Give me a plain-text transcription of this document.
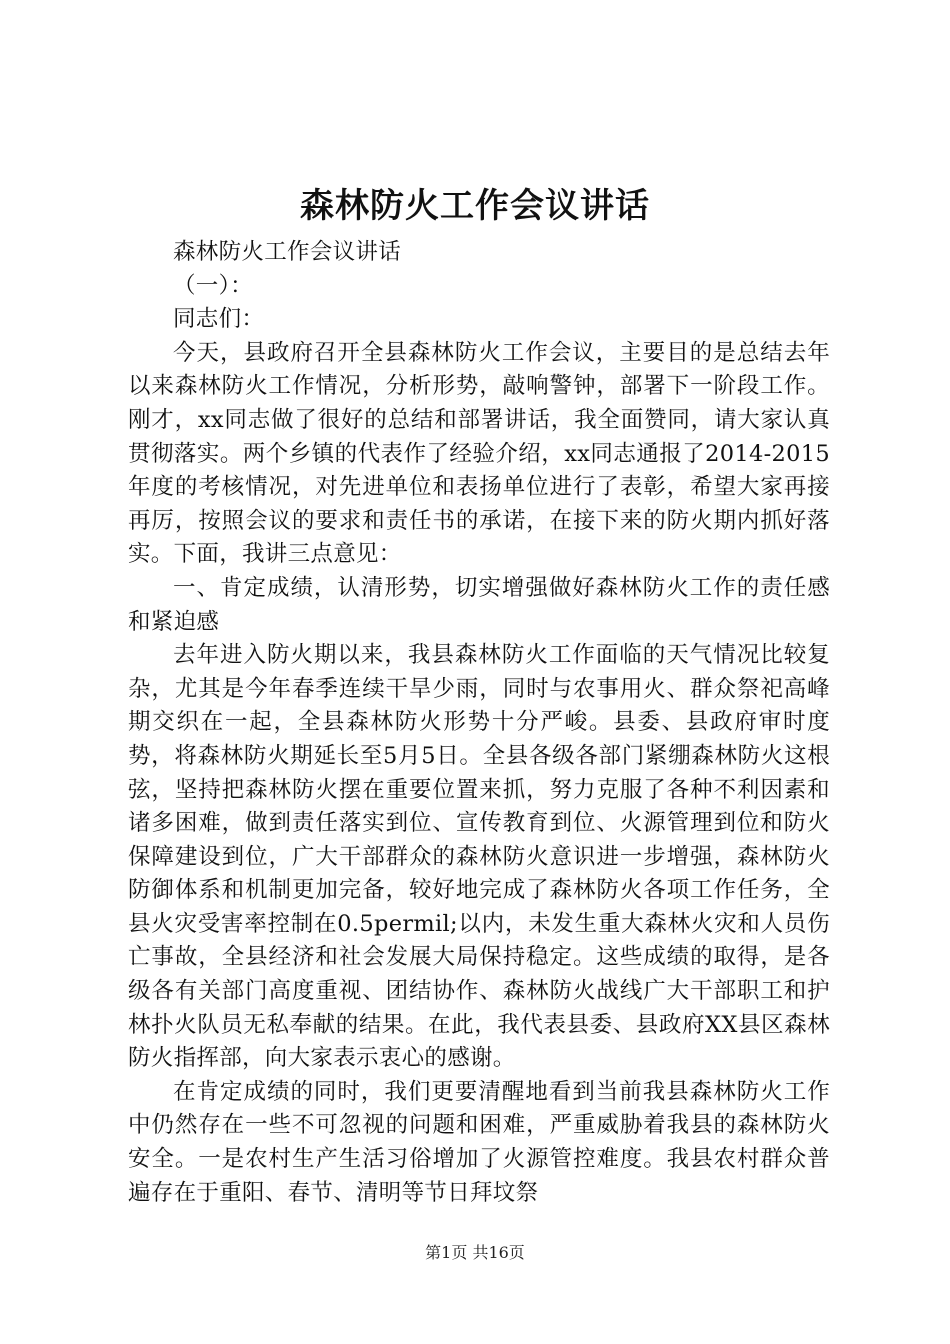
森林防火工作会议讲话

森林防火工作会议讲话

（一）：

同志们：

今天，县政府召开全县森林防火工作会议，主要目的是总结去年以来森林防火工作情况，分析形势，敲响警钟，部署下一阶段工作。刚才，xx同志做了很好的总结和部署讲话，我全面赞同，请大家认真贯彻落实。两个乡镇的代表作了经验介绍，xx同志通报了2014-2015年度的考核情况，对先进单位和表扬单位进行了表彰，希望大家再接再厉，按照会议的要求和责任书的承诺，在接下来的防火期内抓好落实。下面，我讲三点意见：

一、肯定成绩，认清形势，切实增强做好森林防火工作的责任感和紧迫感

去年进入防火期以来，我县森林防火工作面临的天气情况比较复杂，尤其是今年春季连续干旱少雨，同时与农事用火、群众祭祀高峰期交织在一起，全县森林防火形势十分严峻。县委、县政府审时度势，将森林防火期延长至5月5日。全县各级各部门紧绷森林防火这根弦，坚持把森林防火摆在重要位置来抓，努力克服了各种不利因素和诸多困难，做到责任落实到位、宣传教育到位、火源管理到位和防火保障建设到位，广大干部群众的森林防火意识进一步增强，森林防火防御体系和机制更加完备，较好地完成了森林防火各项工作任务，全县火灾受害率控制在0.5permil;以内，未发生重大森林火灾和人员伤亡事故，全县经济和社会发展大局保持稳定。这些成绩的取得，是各级各有关部门高度重视、团结协作、森林防火战线广大干部职工和护林扑火队员无私奉献的结果。在此，我代表县委、县政府XX县区森林防火指挥部，向大家表示衷心的感谢。

在肯定成绩的同时，我们更要清醒地看到当前我县森林防火工作中仍然存在一些不可忽视的问题和困难，严重威胁着我县的森林防火安全。一是农村生产生活习俗增加了火源管控难度。我县农村群众普遍存在于重阳、春节、清明等节日拜坟祭

第1页 共16页
